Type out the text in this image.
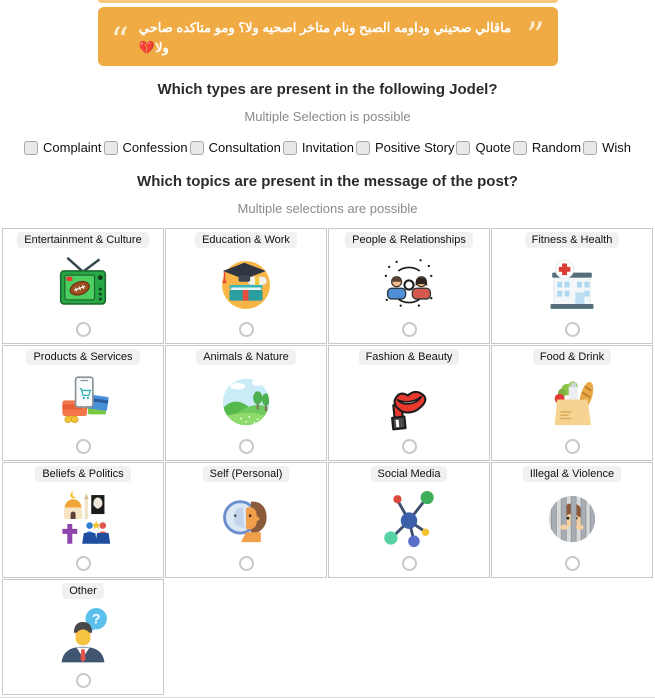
“ ماقالي صحيني وداومه الصبح ونام متاخر اصحيه ولا؟ ومو متاكده صاحي ولا💔	”
Which types are present in the following Jodel?
Multiple Selection is possible
Complaint Confession Consultation Invitation Positive Story Quote Random Wish
Which topics are present in the message of the post?
Multiple selections are possible
Entertainment & Culture	Education & Work	People & Relationships	Fitness & Health
Products & Services	Animals & Nature	Fashion & Beauty	Food & Drink
Beliefs & Politics	Self (Personal)	Social Media	Illegal & Violence
Other
?
